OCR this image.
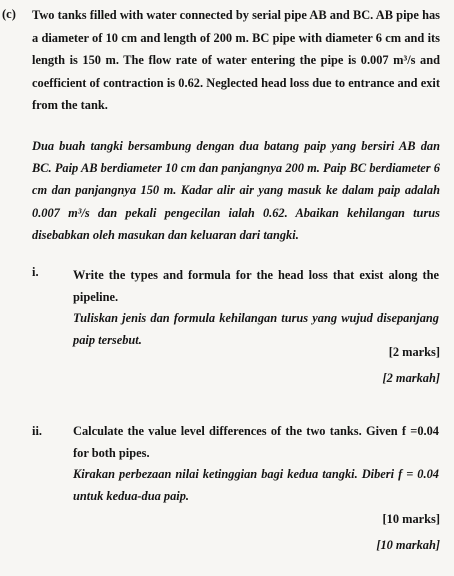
(c) Two tanks filled with water connected by serial pipe AB and BC. AB pipe has a diameter of 10 cm and length of 200 m. BC pipe with diameter 6 cm and its length is 150 m. The flow rate of water entering the pipe is 0.007 m³/s and coefficient of contraction is 0.62. Neglected head loss due to entrance and exit from the tank.

Dua buah tangki bersambung dengan dua batang paip yang bersiri AB dan BC. Paip AB berdiameter 10 cm dan panjangnya 200 m. Paip BC berdiameter 6 cm dan panjangnya 150 m. Kadar alir air yang masuk ke dalam paip adalah 0.007 m³/s dan pekali pengecilan ialah 0.62. Abaikan kehilangan turus disebabkan oleh masukan dan keluaran dari tangki.

i.	Write the types and formula for the head loss that exist along the pipeline.
Tuliskan jenis dan formula kehilangan turus yang wujud disepanjang paip tersebut.
[2 marks]
[2 markah]
ii.	Calculate the value level differences of the two tanks. Given f =0.04 for both pipes.
Kirakan perbezaan nilai ketinggian bagi kedua tangki. Diberi f = 0.04 untuk kedua-dua paip.
[10 marks]
[10 markah]
